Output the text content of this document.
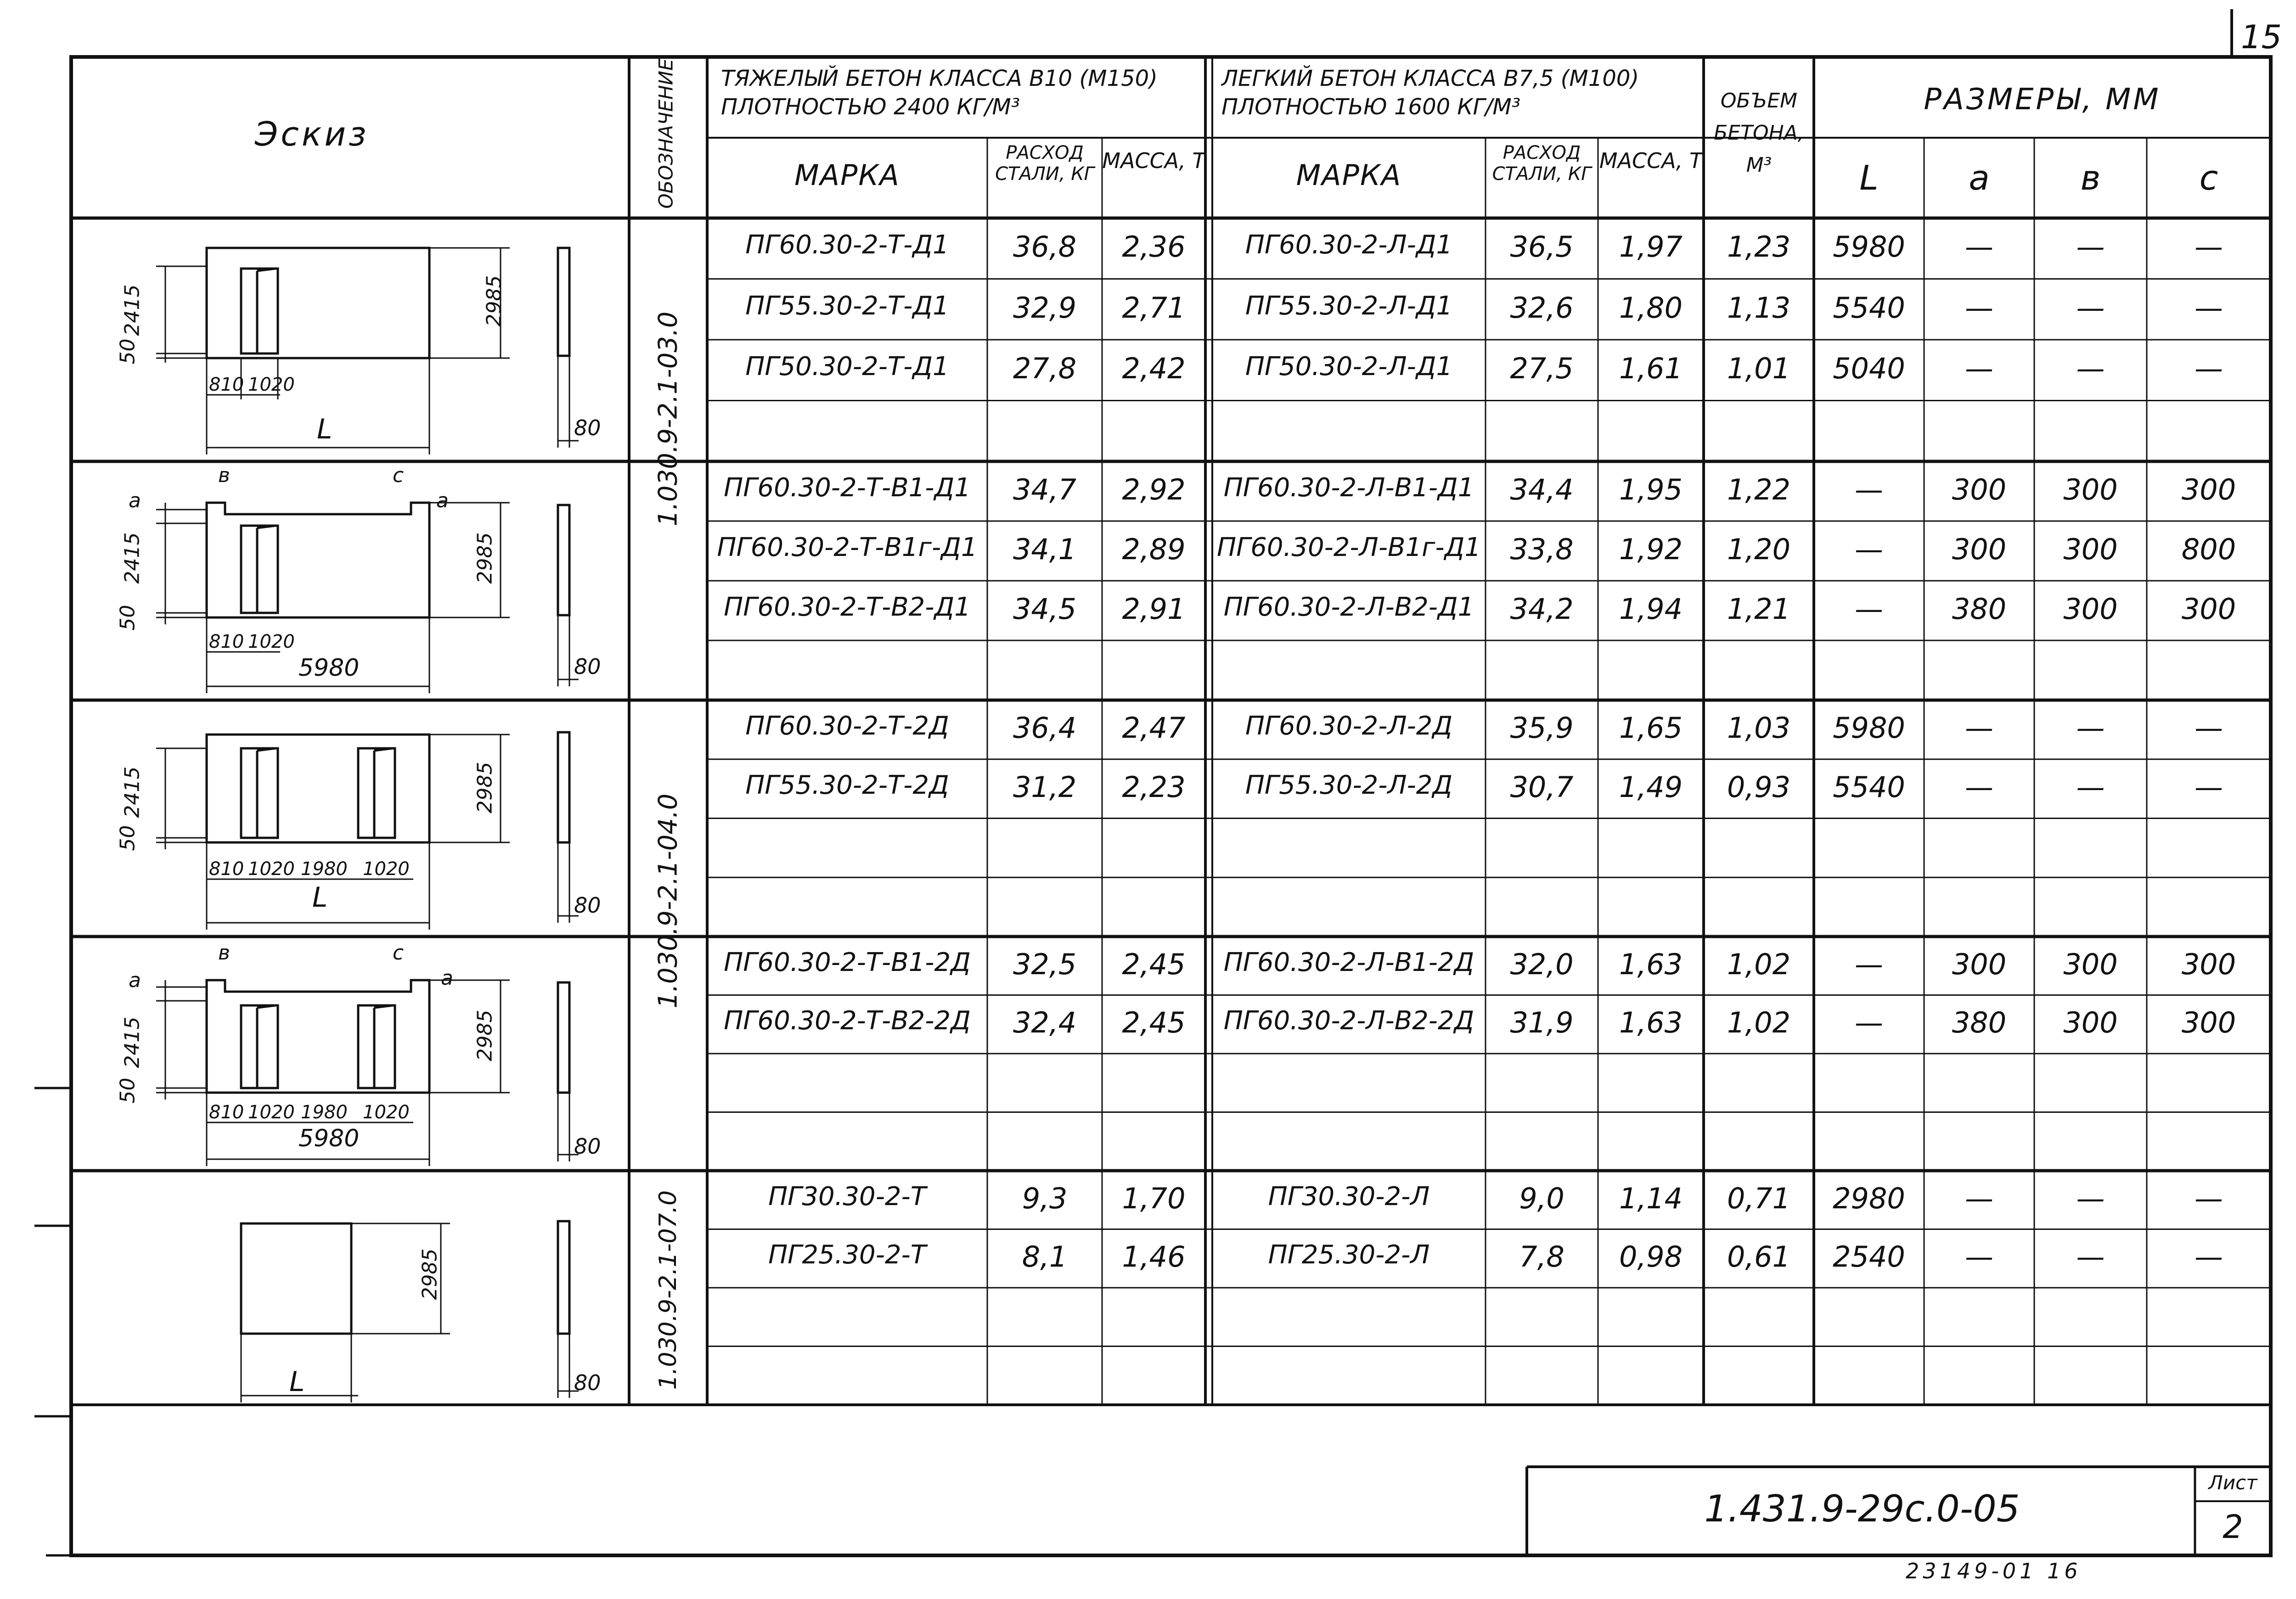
50
2415	2985
810 1020
L	80
a
в	c
a
50
2415	2985
810 1020
5980	80
50
2415	2985
810 1020 1980 1020
L	80
a
в	c
a
50
2415	2985
810 1020 1980 1020
5980	80
2985
L	80
15
Эскиз	ОБОЗНАЧЕНИЕ ТЯЖЕЛЫЙ БЕТОН КЛАССА В10 (М150) ПЛОТНОСТЬЮ 2400 КГ/М³
ЛЕГКИЙ БЕТОН КЛАССА В7,5 (М100) ПЛОТНОСТЬЮ 1600 КГ/М³	ОБЪЕМ БЕТОНА, М³
РАЗМЕРЫ, ММ
МАРКА
РАСХОД СТАЛИ, КГ
МАССА, Т	МАРКА
РАСХОД СТАЛИ, КГ
МАССА, Т	L	a	в	c
1.030.9-2.1-03.0
1.030.9-2.1-04.0
1.030.9-2.1-07.0
ПГ60.30-2-Т-Д1	36,8	2,36	ПГ60.30-2-Л-Д1	36,5	1,97	1,23	5980	—	—	—
ПГ55.30-2-Т-Д1	32,9	2,71	ПГ55.30-2-Л-Д1	32,6	1,80	1,13	5540	—	—	—
ПГ50.30-2-Т-Д1	27,8	2,42	ПГ50.30-2-Л-Д1	27,5	1,61	1,01	5040	—	—	—
ПГ60.30-2-Т-В1-Д1	34,7	2,92	ПГ60.30-2-Л-В1-Д1	34,4	1,95	1,22	—	300	300	300
ПГ60.30-2-Т-В1г-Д1	34,1	2,89	ПГ60.30-2-Л-В1г-Д1	33,8	1,92	1,20	—	300	300	800
ПГ60.30-2-Т-В2-Д1	34,5	2,91	ПГ60.30-2-Л-В2-Д1	34,2	1,94	1,21	—	380	300	300
ПГ60.30-2-Т-2Д	36,4	2,47	ПГ60.30-2-Л-2Д	35,9	1,65	1,03	5980	—	—	—
ПГ55.30-2-Т-2Д	31,2	2,23	ПГ55.30-2-Л-2Д	30,7	1,49	0,93	5540	—	—	—
ПГ60.30-2-Т-В1-2Д	32,5	2,45	ПГ60.30-2-Л-В1-2Д	32,0	1,63	1,02	—	300	300	300
ПГ60.30-2-Т-В2-2Д	32,4	2,45	ПГ60.30-2-Л-В2-2Д	31,9	1,63	1,02	—	380	300	300
ПГ30.30-2-Т	9,3	1,70	ПГ30.30-2-Л	9,0	1,14	0,71	2980	—	—	—
ПГ25.30-2-Т	8,1	1,46	ПГ25.30-2-Л	7,8	0,98	0,61	2540	—	—	—
1.431.9-29с.0-05
Лист
2
23149-01 16
